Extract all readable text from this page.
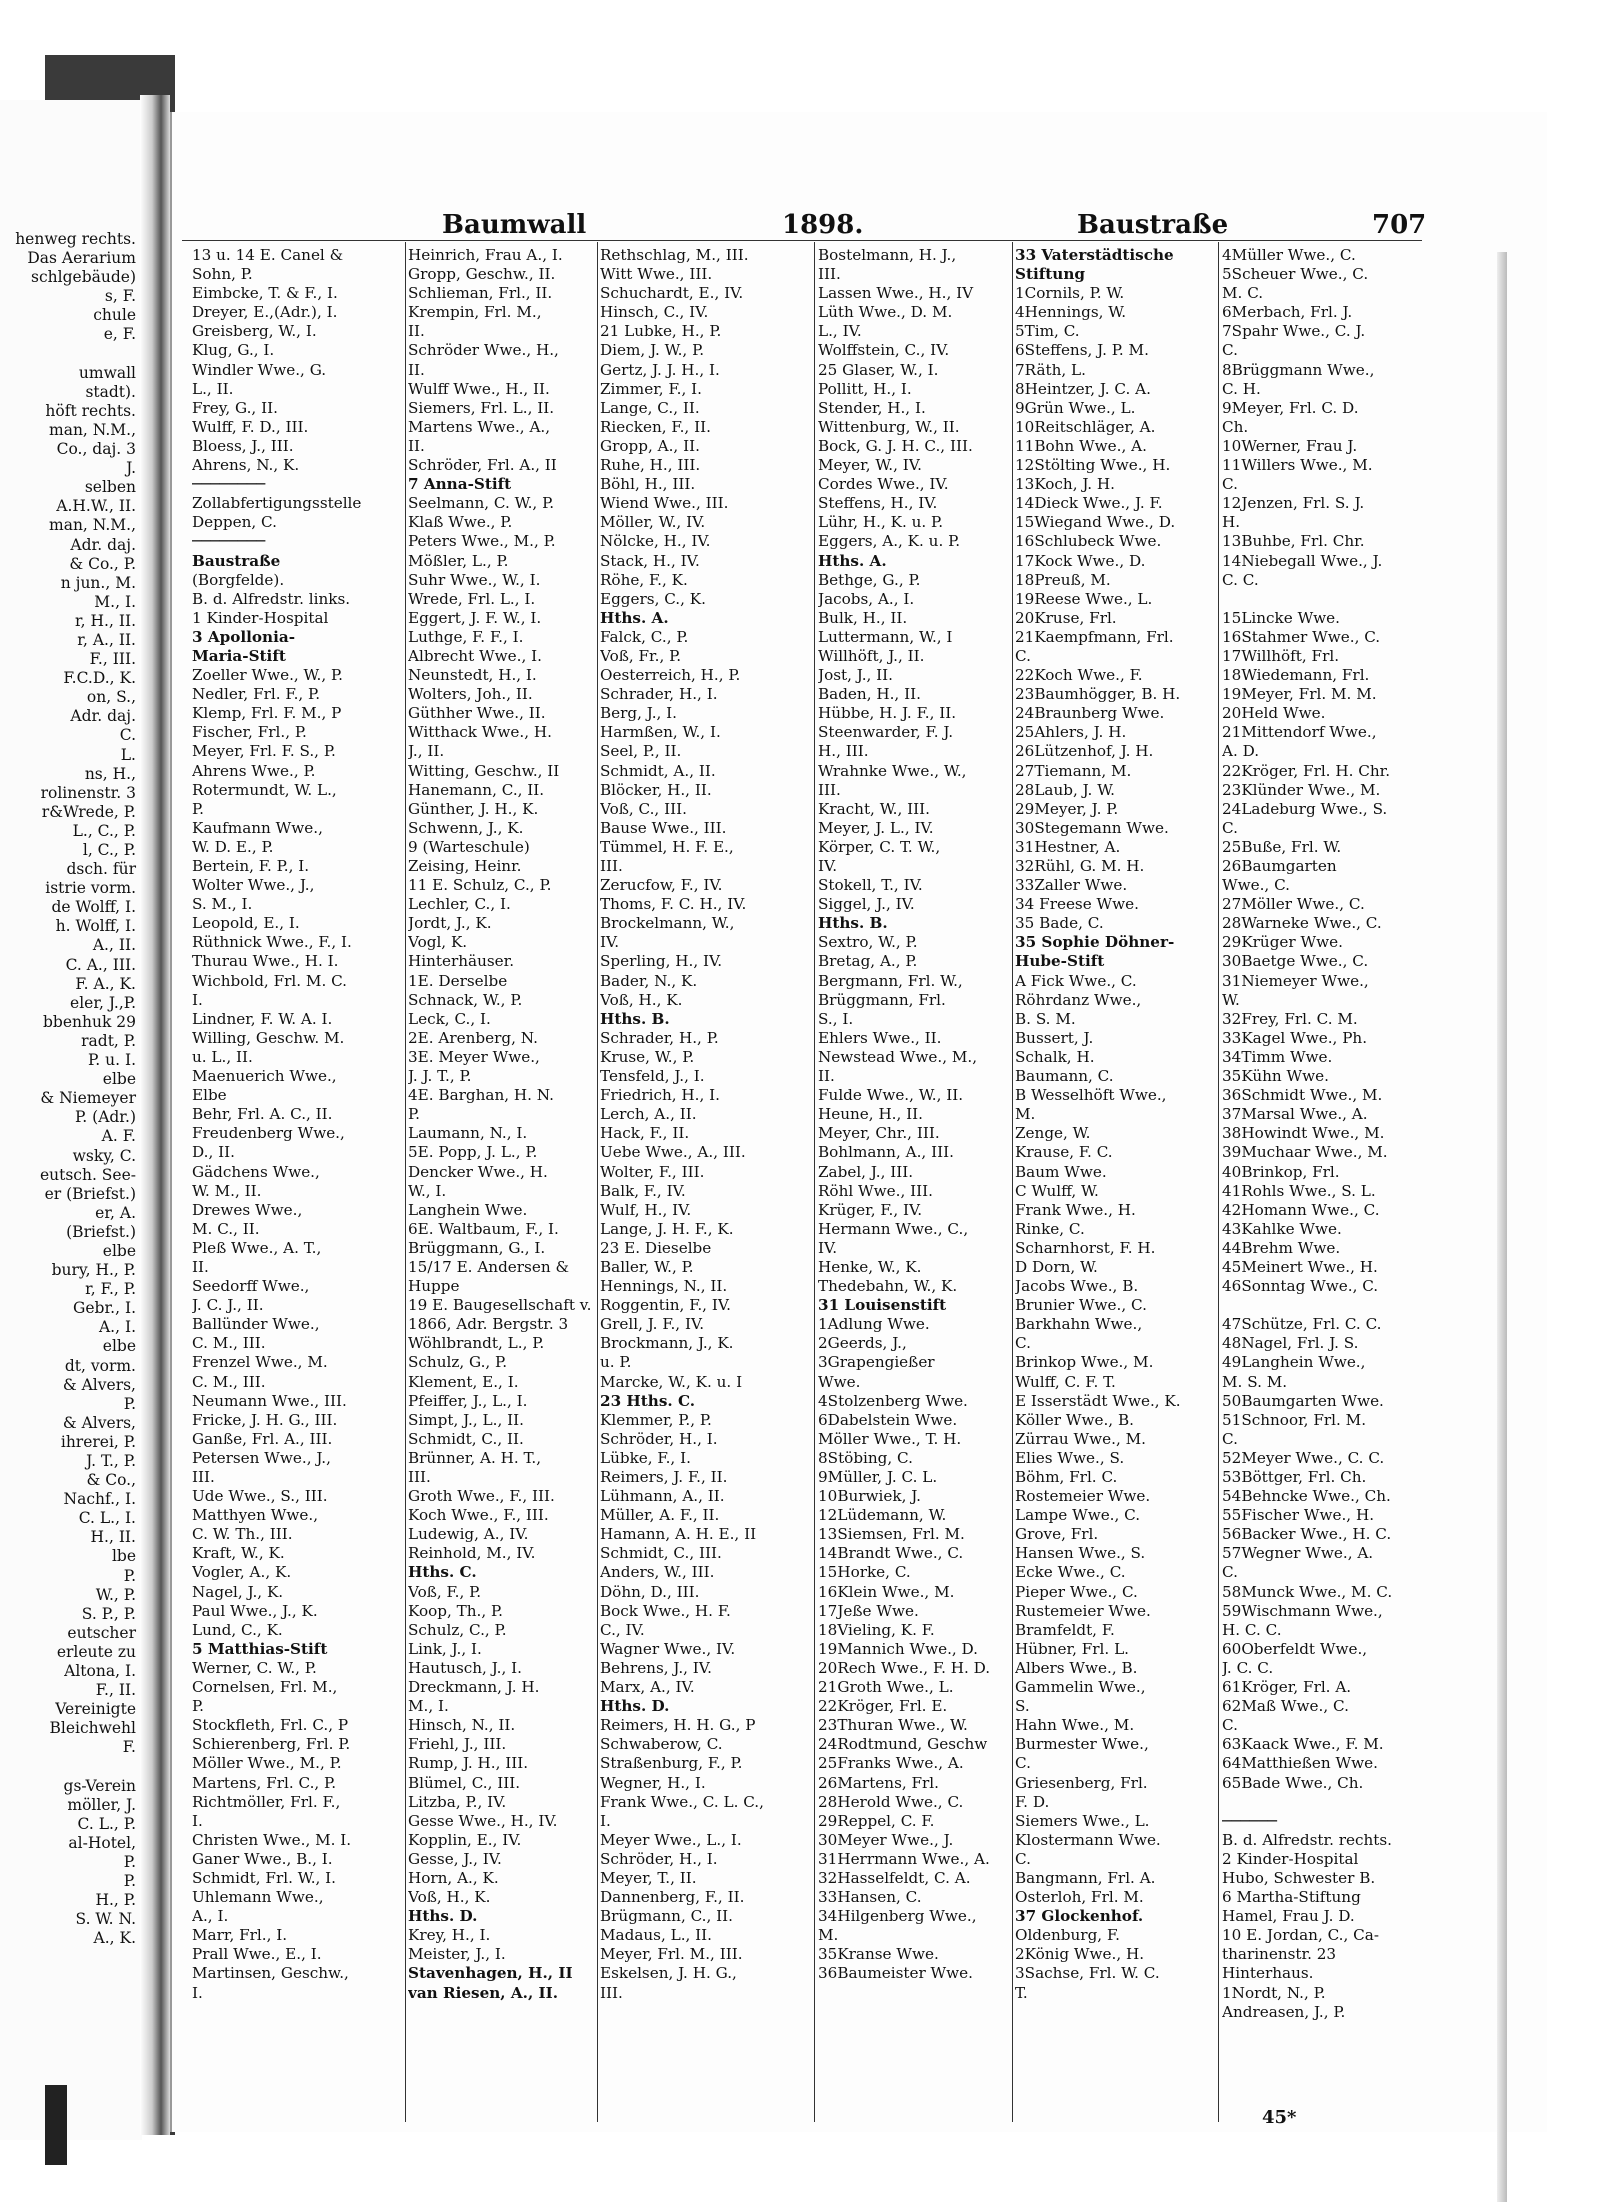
henweg rechts.
Das Aerarium
schlgebäude)
s, F.
chule
e, F.
umwall
stadt).
höft rechts.
man, N.M.,
Co., daj. 3
J.
selben
A.H.W., II.
man, N.M.,
Adr. daj.
& Co., P.
n jun., M.
M., I.
r, H., II.
r, A., II.
F., III.
F.C.D., K.
on, S.,
Adr. daj.
C.
L.
ns, H.,
rolinenstr. 3
r&Wrede, P.
L., C., P.
l, C., P.
dsch. für
istrie vorm.
de Wolff, I.
h. Wolff, I.
A., II.
C. A., III.
F. A., K.
eler, J.,P.
bbenhuk 29
radt, P.
P. u. I.
elbe
& Niemeyer
P. (Adr.)
A. F.
wsky, C.
eutsch. See-
er (Briefst.)
er, A.
(Briefst.)
elbe
bury, H., P.
r, F., P.
Gebr., I.
A., I.
elbe
dt, vorm.
& Alvers,
P.
& Alvers,
ihrerei, P.
J. T., P.
& Co.,
Nachf., I.
C. L., I.
H., II.
lbe
P.
W., P.
S. P., P.
eutscher
erleute zu
Altona, I.
F., II.
Vereinigte
Bleichwehl
F.
gs-Verein
möller, J.
C. L., P.
al-Hotel,
P.
P.
H., P.
S. W. N.
A., K.
Baumwall	1898.	Baustraße	707
13 u. 14 E. Canel &
Sohn, P.
Eimbcke, T. & F., I.
Dreyer, E.,(Adr.), I.
Greisberg, W., I.
Klug, G., I.
Windler Wwe., G.
L., II.
Frey, G., II.
Wulff, F. D., III.
Bloess, J., III.
Ahrens, N., K.
────────
Zollabfertigungsstelle
Deppen, C.
────────
Baustraße
(Borgfelde).
B. d. Alfredstr. links.
1 Kinder-Hospital
3 Apollonia-
Maria-Stift
Zoeller Wwe., W., P.
Nedler, Frl. F., P.
Klemp, Frl. F. M., P
Fischer, Frl., P.
Meyer, Frl. F. S., P.
Ahrens Wwe., P.
Rotermundt, W. L.,
P.
Kaufmann Wwe.,
W. D. E., P.
Bertein, F. P., I.
Wolter Wwe., J.,
S. M., I.
Leopold, E., I.
Rüthnick Wwe., F., I.
Thurau Wwe., H. I.
Wichbold, Frl. M. C.
I.
Lindner, F. W. A. I.
Willing, Geschw. M.
u. L., II.
Maenuerich Wwe.,
Elbe
Behr, Frl. A. C., II.
Freudenberg Wwe.,
D., II.
Gädchens Wwe.,
W. M., II.
Drewes Wwe.,
M. C., II.
Pleß Wwe., A. T.,
II.
Seedorff Wwe.,
J. C. J., II.
Ballünder Wwe.,
C. M., III.
Frenzel Wwe., M.
C. M., III.
Neumann Wwe., III.
Fricke, J. H. G., III.
Ganße, Frl. A., III.
Petersen Wwe., J.,
III.
Ude Wwe., S., III.
Matthyen Wwe.,
C. W. Th., III.
Kraft, W., K.
Vogler, A., K.
Nagel, J., K.
Paul Wwe., J., K.
Lund, C., K.
5 Matthias-Stift
Werner, C. W., P.
Cornelsen, Frl. M.,
P.
Stockfleth, Frl. C., P
Schierenberg, Frl. P.
Möller Wwe., M., P.
Martens, Frl. C., P.
Richtmöller, Frl. F.,
I.
Christen Wwe., M. I.
Ganer Wwe., B., I.
Schmidt, Frl. W., I.
Uhlemann Wwe.,
A., I.
Marr, Frl., I.
Prall Wwe., E., I.
Martinsen, Geschw.,
I.
Heinrich, Frau A., I.
Gropp, Geschw., II.
Schlieman, Frl., II.
Krempin, Frl. M.,
II.
Schröder Wwe., H.,
II.
Wulff Wwe., H., II.
Siemers, Frl. L., II.
Martens Wwe., A.,
II.
Schröder, Frl. A., II
7 Anna-Stift
Seelmann, C. W., P.
Klaß Wwe., P.
Peters Wwe., M., P.
Mößler, L., P.
Suhr Wwe., W., I.
Wrede, Frl. L., I.
Eggert, J. F. W., I.
Luthge, F. F., I.
Albrecht Wwe., I.
Neunstedt, H., I.
Wolters, Joh., II.
Güthher Wwe., II.
Witthack Wwe., H.
J., II.
Witting, Geschw., II
Hanemann, C., II.
Günther, J. H., K.
Schwenn, J., K.
9 (Warteschule)
Zeising, Heinr.
11 E. Schulz, C., P.
Lechler, C., I.
Jordt, J., K.
Vogl, K.
Hinterhäuser.
1E. Derselbe
Schnack, W., P.
Leck, C., I.
2E. Arenberg, N.
3E. Meyer Wwe.,
J. J. T., P.
4E. Barghan, H. N.
P.
Laumann, N., I.
5E. Popp, J. L., P.
Dencker Wwe., H.
W., I.
Langhein Wwe.
6E. Waltbaum, F., I.
Brüggmann, G., I.
15/17 E. Andersen &
Huppe
19 E. Baugesellschaft v.
1866, Adr. Bergstr. 3
Wöhlbrandt, L., P.
Schulz, G., P.
Klement, E., I.
Pfeiffer, J., L., I.
Simpt, J., L., II.
Schmidt, C., II.
Brünner, A. H. T.,
III.
Groth Wwe., F., III.
Koch Wwe., F., III.
Ludewig, A., IV.
Reinhold, M., IV.
Hths. C.
Voß, F., P.
Koop, Th., P.
Schulz, C., P.
Link, J., I.
Hautusch, J., I.
Dreckmann, J. H.
M., I.
Hinsch, N., II.
Friehl, J., III.
Rump, J. H., III.
Blümel, C., III.
Litzba, P., IV.
Gesse Wwe., H., IV.
Kopplin, E., IV.
Gesse, J., IV.
Horn, A., K.
Voß, H., K.
Hths. D.
Krey, H., I.
Meister, J., I.
Stavenhagen, H., II
van Riesen, A., II.
Rethschlag, M., III.
Witt Wwe., III.
Schuchardt, E., IV.
Hinsch, C., IV.
21 Lubke, H., P.
Diem, J. W., P.
Gertz, J. J. H., I.
Zimmer, F., I.
Lange, C., II.
Riecken, F., II.
Gropp, A., II.
Ruhe, H., III.
Böhl, H., III.
Wiend Wwe., III.
Möller, W., IV.
Nölcke, H., IV.
Stack, H., IV.
Röhe, F., K.
Eggers, C., K.
Hths. A.
Falck, C., P.
Voß, Fr., P.
Oesterreich, H., P.
Schrader, H., I.
Berg, J., I.
Harmßen, W., I.
Seel, P., II.
Schmidt, A., II.
Blöcker, H., II.
Voß, C., III.
Bause Wwe., III.
Tümmel, H. F. E.,
III.
Zerucfow, F., IV.
Thoms, F. C. H., IV.
Brockelmann, W.,
IV.
Sperling, H., IV.
Bader, N., K.
Voß, H., K.
Hths. B.
Schrader, H., P.
Kruse, W., P.
Tensfeld, J., I.
Friedrich, H., I.
Lerch, A., II.
Hack, F., II.
Uebe Wwe., A., III.
Wolter, F., III.
Balk, F., IV.
Wulf, H., IV.
Lange, J. H. F., K.
23 E. Dieselbe
Baller, W., P.
Hennings, N., II.
Roggentin, F., IV.
Grell, J. F., IV.
Brockmann, J., K.
u. P.
Marcke, W., K. u. I
23 Hths. C.
Klemmer, P., P.
Schröder, H., I.
Lübke, F., I.
Reimers, J. F., II.
Lühmann, A., II.
Müller, A. F., II.
Hamann, A. H. E., II
Schmidt, C., III.
Anders, W., III.
Döhn, D., III.
Bock Wwe., H. F.
C., IV.
Wagner Wwe., IV.
Behrens, J., IV.
Marx, A., IV.
Hths. D.
Reimers, H. H. G., P
Schwaberow, C.
Straßenburg, F., P.
Wegner, H., I.
Frank Wwe., C. L. C.,
I.
Meyer Wwe., L., I.
Schröder, H., I.
Meyer, T., II.
Dannenberg, F., II.
Brügmann, C., II.
Madaus, L., II.
Meyer, Frl. M., III.
Eskelsen, J. H. G.,
III.
Bostelmann, H. J.,
III.
Lassen Wwe., H., IV
Lüth Wwe., D. M.
L., IV.
Wolffstein, C., IV.
25 Glaser, W., I.
Pollitt, H., I.
Stender, H., I.
Wittenburg, W., II.
Bock, G. J. H. C., III.
Meyer, W., IV.
Cordes Wwe., IV.
Steffens, H., IV.
Lühr, H., K. u. P.
Eggers, A., K. u. P.
Hths. A.
Bethge, G., P.
Jacobs, A., I.
Bulk, H., II.
Luttermann, W., I
Willhöft, J., II.
Jost, J., II.
Baden, H., II.
Hübbe, H. J. F., II.
Steenwarder, F. J.
H., III.
Wrahnke Wwe., W.,
III.
Kracht, W., III.
Meyer, J. L., IV.
Körper, C. T. W.,
IV.
Stokell, T., IV.
Siggel, J., IV.
Hths. B.
Sextro, W., P.
Bretag, A., P.
Bergmann, Frl. W.,
Brüggmann, Frl.
S., I.
Ehlers Wwe., II.
Newstead Wwe., M.,
II.
Fulde Wwe., W., II.
Heune, H., II.
Meyer, Chr., III.
Bohlmann, A., III.
Zabel, J., III.
Röhl Wwe., III.
Krüger, F., IV.
Hermann Wwe., C.,
IV.
Henke, W., K.
Thedebahn, W., K.
31 Louisenstift
1Adlung Wwe.
2Geerds, J.,
3Grapengießer
Wwe.
4Stolzenberg Wwe.
6Dabelstein Wwe.
Möller Wwe., T. H.
8Stöbing, C.
9Müller, J. C. L.
10Burwiek, J.
12Lüdemann, W.
13Siemsen, Frl. M.
14Brandt Wwe., C.
15Horke, C.
16Klein Wwe., M.
17Jeße Wwe.
18Vieling, K. F.
19Mannich Wwe., D.
20Rech Wwe., F. H. D.
21Groth Wwe., L.
22Kröger, Frl. E.
23Thuran Wwe., W.
24Rodtmund, Geschw
25Franks Wwe., A.
26Martens, Frl.
28Herold Wwe., C.
29Reppel, C. F.
30Meyer Wwe., J.
31Herrmann Wwe., A.
32Hasselfeldt, C. A.
33Hansen, C.
34Hilgenberg Wwe.,
M.
35Kranse Wwe.
36Baumeister Wwe.
33 Vaterstädtische
Stiftung
1Cornils, P. W.
4Hennings, W.
5Tim, C.
6Steffens, J. P. M.
7Räth, L.
8Heintzer, J. C. A.
9Grün Wwe., L.
10Reitschläger, A.
11Bohn Wwe., A.
12Stölting Wwe., H.
13Koch, J. H.
14Dieck Wwe., J. F.
15Wiegand Wwe., D.
16Schlubeck Wwe.
17Kock Wwe., D.
18Preuß, M.
19Reese Wwe., L.
20Kruse, Frl.
21Kaempfmann, Frl.
C.
22Koch Wwe., F.
23Baumhögger, B. H.
24Braunberg Wwe.
25Ahlers, J. H.
26Lützenhof, J. H.
27Tiemann, M.
28Laub, J. W.
29Meyer, J. P.
30Stegemann Wwe.
31Hestner, A.
32Rühl, G. M. H.
33Zaller Wwe.
34 Freese Wwe.
35 Bade, C.
35 Sophie Döhner-
Hube-Stift
A Fick Wwe., C.
Röhrdanz Wwe.,
B. S. M.
Bussert, J.
Schalk, H.
Baumann, C.
B Wesselhöft Wwe.,
M.
Zenge, W.
Krause, F. C.
Baum Wwe.
C Wulff, W.
Frank Wwe., H.
Rinke, C.
Scharnhorst, F. H.
D Dorn, W.
Jacobs Wwe., B.
Brunier Wwe., C.
Barkhahn Wwe.,
C.
Brinkop Wwe., M.
Wulff, C. F. T.
E Isserstädt Wwe., K.
Köller Wwe., B.
Zürrau Wwe., M.
Elies Wwe., S.
Böhm, Frl. C.
Rostemeier Wwe.
Lampe Wwe., C.
Grove, Frl.
Hansen Wwe., S.
Ecke Wwe., C.
Pieper Wwe., C.
Rustemeier Wwe.
Bramfeldt, F.
Hübner, Frl. L.
Albers Wwe., B.
Gammelin Wwe.,
S.
Hahn Wwe., M.
Burmester Wwe.,
C.
Griesenberg, Frl.
F. D.
Siemers Wwe., L.
Klostermann Wwe.
C.
Bangmann, Frl. A.
Osterloh, Frl. M.
37 Glockenhof.
Oldenburg, F.
2König Wwe., H.
3Sachse, Frl. W. C.
T.
4Müller Wwe., C.
5Scheuer Wwe., C.
M. C.
6Merbach, Frl. J.
7Spahr Wwe., C. J.
C.
8Brüggmann Wwe.,
C. H.
9Meyer, Frl. C. D.
Ch.
10Werner, Frau J.
11Willers Wwe., M.
C.
12Jenzen, Frl. S. J.
H.
13Buhbe, Frl. Chr.
14Niebegall Wwe., J.
C. C.
15Lincke Wwe.
16Stahmer Wwe., C.
17Willhöft, Frl.
18Wiedemann, Frl.
19Meyer, Frl. M. M.
20Held Wwe.
21Mittendorf Wwe.,
A. D.
22Kröger, Frl. H. Chr.
23Klünder Wwe., M.
24Ladeburg Wwe., S.
C.
25Buße, Frl. W.
26Baumgarten
Wwe., C.
27Möller Wwe., C.
28Warneke Wwe., C.
29Krüger Wwe.
30Baetge Wwe., C.
31Niemeyer Wwe.,
W.
32Frey, Frl. C. M.
33Kagel Wwe., Ph.
34Timm Wwe.
35Kühn Wwe.
36Schmidt Wwe., M.
37Marsal Wwe., A.
38Howindt Wwe., M.
39Muchaar Wwe., M.
40Brinkop, Frl.
41Rohls Wwe., S. L.
42Homann Wwe., C.
43Kahlke Wwe.
44Brehm Wwe.
45Meinert Wwe., H.
46Sonntag Wwe., C.
47Schütze, Frl. C. C.
48Nagel, Frl. J. S.
49Langhein Wwe.,
M. S. M.
50Baumgarten Wwe.
51Schnoor, Frl. M.
C.
52Meyer Wwe., C. C.
53Böttger, Frl. Ch.
54Behncke Wwe., Ch.
55Fischer Wwe., H.
56Backer Wwe., H. C.
57Wegner Wwe., A.
C.
58Munck Wwe., M. C.
59Wischmann Wwe.,
H. C. C.
60Oberfeldt Wwe.,
J. C. C.
61Kröger, Frl. A.
62Maß Wwe., C.
C.
63Kaack Wwe., F. M.
64Matthießen Wwe.
65Bade Wwe., Ch.
──────
B. d. Alfredstr. rechts.
2 Kinder-Hospital
Hubo, Schwester B.
6 Martha-Stiftung
Hamel, Frau J. D.
10 E. Jordan, C., Ca-
tharinenstr. 23
Hinterhaus.
1Nordt, N., P.
Andreasen, J., P.
45*
